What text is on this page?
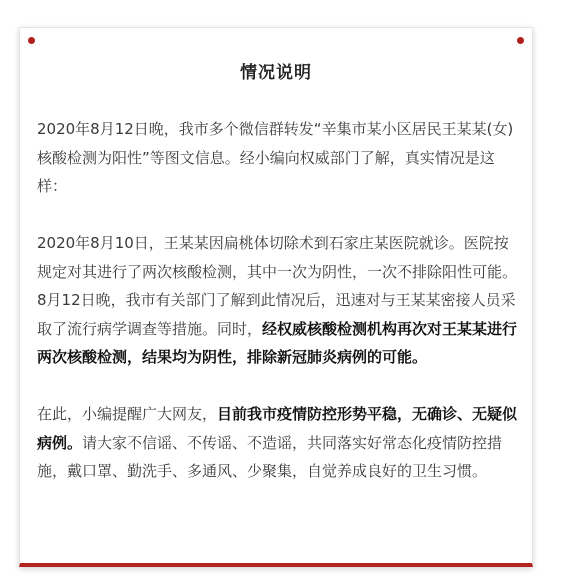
情况说明

2020年8月12日晚，我市多个微信群转发“辛集市某小区居民王某某(女)核酸检测为阳性”等图文信息。经小编向权威部门了解，真实情况是这样：

2020年8月10日，王某某因扁桃体切除术到石家庄某医院就诊。医院按规定对其进行了两次核酸检测，其中一次为阴性，一次不排除阳性可能。8月12日晚，我市有关部门了解到此情况后，迅速对与王某某密接人员采取了流行病学调查等措施。同时，经权威核酸检测机构再次对王某某进行两次核酸检测，结果均为阴性，排除新冠肺炎病例的可能。

在此，小编提醒广大网友，目前我市疫情防控形势平稳，无确诊、无疑似病例。请大家不信谣、不传谣、不造谣，共同落实好常态化疫情防控措施，戴口罩、勤洗手、多通风、少聚集，自觉养成良好的卫生习惯。
